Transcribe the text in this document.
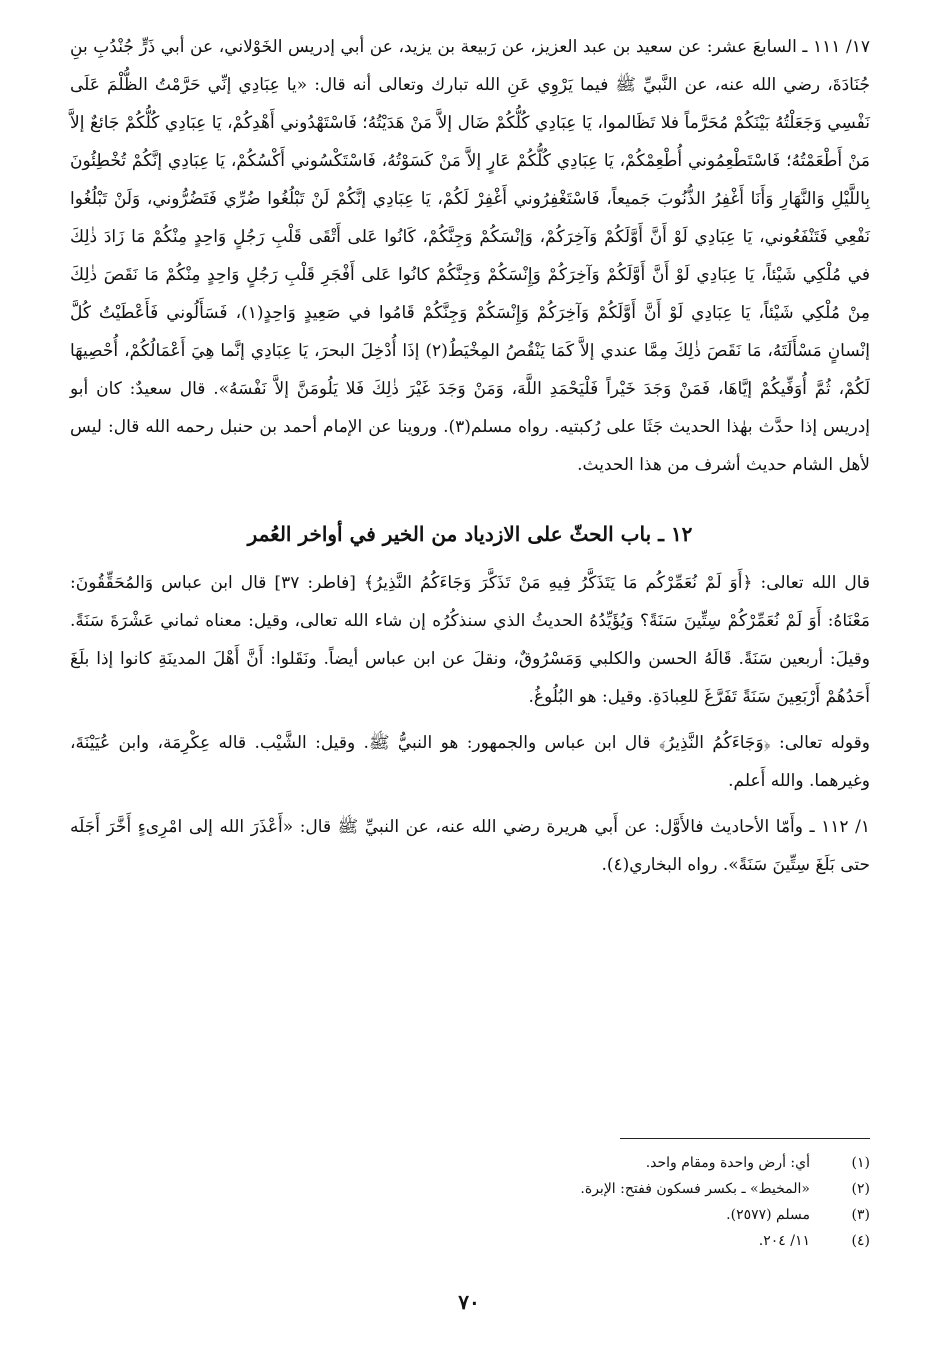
١٧/ ١١١ ـ السابعَ عشر: عن سعيد بن عبد العزيز، عن رَبيعة بن يزيد، عن أبي إدريس الخَوْلاني، عن أبي ذَرٍّ جُنْدُبِ بنِ جُنَادَةَ، رضي الله عنه، عن النَّبيِّ ﷺ فيما يَرْوِي عَنِ الله تبارك وتعالى أنه قال: «يا عِبَادِي إنِّي حَرَّمْتُ الظُّلْمَ عَلَى نَفْسِي وَجَعَلْتُهُ بَيْنَكُمْ مُحَرَّماً فلا تَظَالموا، يَا عِبَادِي كُلُّكُمْ ضَال إلاَّ مَنْ هَدَيْتُهُ؛ فَاسْتَهْدُوني أَهْدِكُمْ، يَا عِبَادِي كُلُّكُمْ جَائعٌ إلاَّ مَنْ أَطْعَمْتُهُ؛ فَاسْتَطْعِمُوني أُطْعِمْكُمْ، يَا عِبَادِي كُلُّكُمْ عَارٍ إلاَّ مَنْ كَسَوْتُهُ، فَاسْتَكْسُوني أَكْسُكُمْ، يَا عِبَادِي إنَّكُمْ تُخْطِئُونَ بِاللَّيْلِ وَالنَّهَارِ وَأَنَا أَغْفِرُ الذُّنُوبَ جَميعاً، فَاسْتَغْفِرُوني أَغْفِرْ لَكُمْ، يَا عِبَادِي إنَّكُمْ لَنْ تَبْلُغُوا ضُرِّي فَتَضُرُّوني، وَلَنْ تَبْلُغُوا نَفْعِي فَتَنْفَعُوني، يَا عِبَادِي لَوْ أَنَّ أَوَّلَكُمْ وَآخِرَكُمْ، وَإنْسَكُمْ وَجِنَّكُمْ، كَانُوا عَلى أَتْقَى قَلْبِ رَجُلٍ وَاحِدٍ مِنْكُمْ مَا زَادَ ذٰلِكَ في مُلْكِي شَيْئاً، يَا عِبَادِي لَوْ أَنَّ أَوَّلَكُمْ وَآخِرَكُمْ وَإِنْسَكُمْ وَجِنَّكُمْ كانُوا عَلى أَفْجَرِ قَلْبِ رَجُلٍ وَاحِدٍ مِنْكُمْ مَا نَقَصَ ذٰلِكَ مِنْ مُلْكِي شَيْئاً، يَا عِبَادِي لَوْ أَنَّ أَوَّلَكُمْ وَآخِرَكُمْ وَإِنْسَكُمْ وَجِنَّكُمْ قَامُوا في صَعِيدٍ وَاحِدٍ(١)، فَسَأَلُوني فَأَعْطَيْتُ كُلَّ إنْسانٍ مَسْأَلَتَهُ، مَا نَقَصَ ذٰلِكَ مِمَّا عندي إلاَّ كَمَا يَنْقُصُ المِخْيَطُ(٢) إذَا أُدْخِلَ البحرَ، يَا عِبَادِي إنَّما هِيَ أَعْمَالُكُمْ، أُحْصِيهَا لَكُمْ، ثُمَّ أُوَفِّيكُمْ إيَّاهَا، فَمَنْ وَجَدَ خَيْراً فَلْيَحْمَدِ اللَّهَ، وَمَنْ وَجَدَ غَيْرَ ذٰلِكَ فَلا يَلُومَنَّ إلاَّ نَفْسَهُ». قال سعيدٌ: كان أبو إدريس إذا حدَّث بهٰذا الحديث جَثَا على رُكبتيه. رواه مسلم(٣). وروينا عن الإمام أحمد بن حنبل رحمه الله قال: ليس لأهل الشام حديث أشرف من هذا الحديث.

١٢ ـ باب الحثّ على الازدياد من الخير في أواخر العُمر

قال الله تعالى: ﴿أَوَ لَمْ نُعَمِّرْكُم مَا يَتَذَكَّرُ فِيهِ مَنْ تَذَكَّرَ وَجَاءَكُمُ النَّذِيرُ﴾ [فاطر: ٣٧] قال ابن عباس وَالمُحَقِّقُونَ: مَعْنَاهُ: أَوَ لَمْ نُعَمِّرْكُمْ سِتِّينَ سَنَةً؟ وَيُؤَيِّدُهُ الحديثُ الذي سنذكُرُه إن شاء الله تعالى، وقيل: معناه ثماني عَشْرَةَ سَنَةً. وقيلَ: أربعين سَنَةً. قَالَهُ الحسن والكلبي وَمَسْرُوقٌ، ونقلَ عن ابن عباس أيضاً. ونَقَلوا: أَنَّ أَهْلَ المدينَةِ كانوا إذا بلَغَ أَحَدُهُمْ أَرْبَعِينَ سَنَةً تَفَرَّغَ للعِبادَةِ. وقيل: هو البُلُوغُ.

وقوله تعالى: ﴿وَجَاءَكُمُ النَّذِيرُ﴾ قال ابن عباس والجمهور: هو النبيُّ ﷺ. وقيل: الشَّيْب. قاله عِكْرِمَة، وابن عُيَيْنَةَ، وغيرهما. والله أَعلم.

١/ ١١٢ ـ وأَمّا الأحاديث فالأَوَّل: عن أَبي هريرة رضي الله عنه، عن النبيِّ ﷺ قال: «أَعْذَرَ الله إلى امْرِىءٍ أَخَّرَ أَجَلَه حتى بَلَغَ سِتِّينَ سَنَةً». رواه البخاري(٤).

(١)
أي: أرض واحدة ومقام واحد.
(٢)
«المخيط» ـ بكسر فسكون ففتح: الإبرة.
(٣)
مسلم (٢٥٧٧).
(٤)
١١/ ٢٠٤.
٧٠
